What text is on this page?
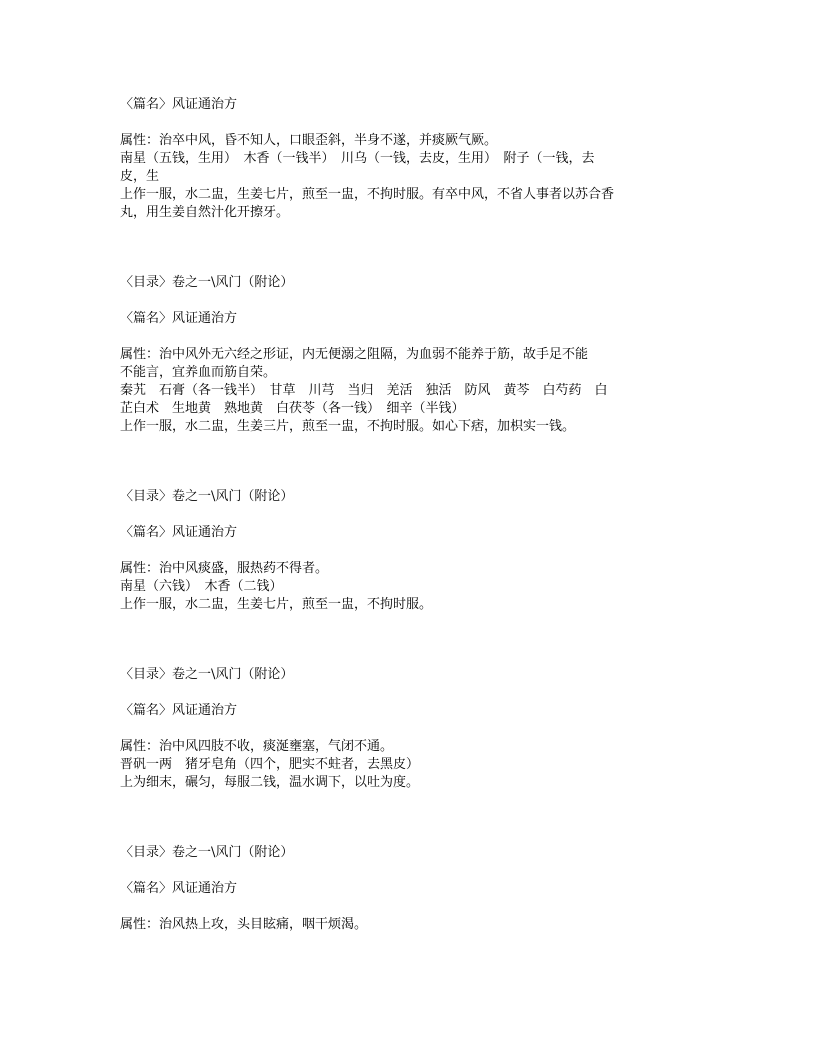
〈篇名〉风证通治方
属性：治卒中风，昏不知人，口眼歪斜，半身不遂，并痰厥气厥。
南星（五钱，生用）　木香（一钱半）　川乌（一钱，去皮，生用）　附子（一钱，去
皮，生
上作一服，水二盅，生姜七片，煎至一盅，不拘时服。有卒中风，不省人事者以苏合香
丸，用生姜自然汁化开擦牙。
〈目录〉卷之一\风门（附论）
〈篇名〉风证通治方
属性：治中风外无六经之形证，内无便溺之阻隔，为血弱不能养于筋，故手足不能
不能言，宜养血而筋自荣。
秦艽　石膏（各一钱半）　甘草　川芎　当归　羌活　独活　防风　黄芩　白芍药　白
芷白术　生地黄　熟地黄　白茯苓（各一钱）　细辛（半钱）
上作一服，水二盅，生姜三片，煎至一盅，不拘时服。如心下痞，加枳实一钱。
〈目录〉卷之一\风门（附论）
〈篇名〉风证通治方
属性：治中风痰盛，服热药不得者。
南星（六钱）　木香（二钱）
上作一服，水二盅，生姜七片，煎至一盅，不拘时服。
〈目录〉卷之一\风门（附论）
〈篇名〉风证通治方
属性：治中风四肢不收，痰涎壅塞，气闭不通。
晋矾一两　猪牙皂角（四个，肥实不蛀者，去黑皮）
上为细末，碾匀，每服二钱，温水调下，以吐为度。
〈目录〉卷之一\风门（附论）
〈篇名〉风证通治方
属性：治风热上攻，头目眩痛，咽干烦渴。
